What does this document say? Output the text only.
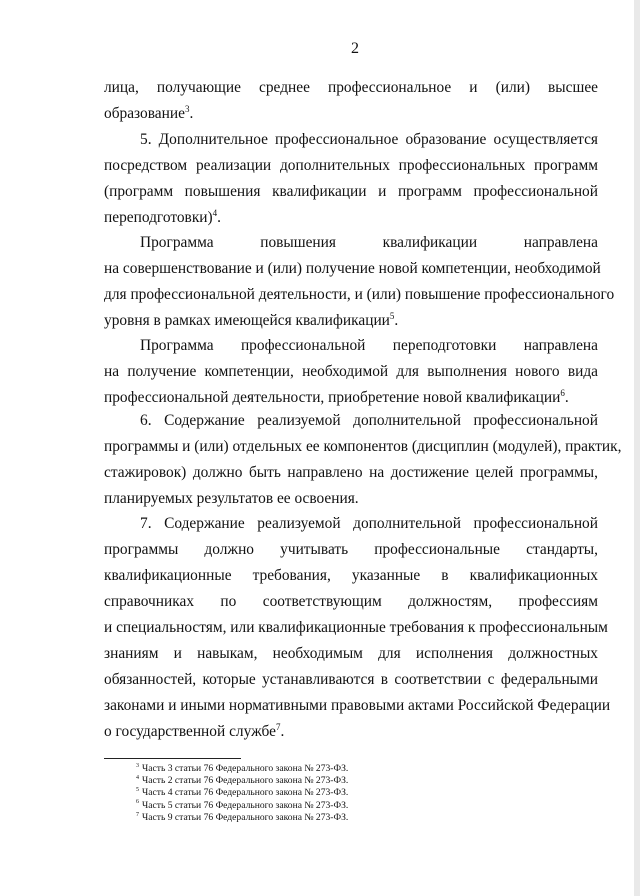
2
лица, получающие среднее профессиональное и (или) высшее
образование$^3$.
5. Дополнительное профессиональное образование осуществляется
посредством реализации дополнительных профессиональных программ
(программ повышения квалификации и программ профессиональной
переподготовки)$^4$.
Программа повышения квалификации направлена
на совершенствование и (или) получение новой компетенции, необходимой
для профессиональной деятельности, и (или) повышение профессионального
уровня в рамках имеющейся квалификации$^5$.
Программа профессиональной переподготовки направлена
на получение компетенции, необходимой для выполнения нового вида
профессиональной деятельности, приобретение новой квалификации$^6$.
6. Содержание реализуемой дополнительной профессиональной
программы и (или) отдельных ее компонентов (дисциплин (модулей), практик,
стажировок) должно быть направлено на достижение целей программы,
планируемых результатов ее освоения.
7. Содержание реализуемой дополнительной профессиональной
программы должно учитывать профессиональные стандарты,
квалификационные требования, указанные в квалификационных
справочниках по соответствующим должностям, профессиям
и специальностям, или квалификационные требования к профессиональным
знаниям и навыкам, необходимым для исполнения должностных
обязанностей, которые устанавливаются в соответствии с федеральными
законами и иными нормативными правовыми актами Российской Федерации
о государственной службе$^7$.
$^3$ Часть 3 статьи 76 Федерального закона № 273-ФЗ.
$^4$ Часть 2 статьи 76 Федерального закона № 273-ФЗ.
$^5$ Часть 4 статьи 76 Федерального закона № 273-ФЗ.
$^6$ Часть 5 статьи 76 Федерального закона № 273-ФЗ.
$^7$ Часть 9 статьи 76 Федерального закона № 273-ФЗ.
